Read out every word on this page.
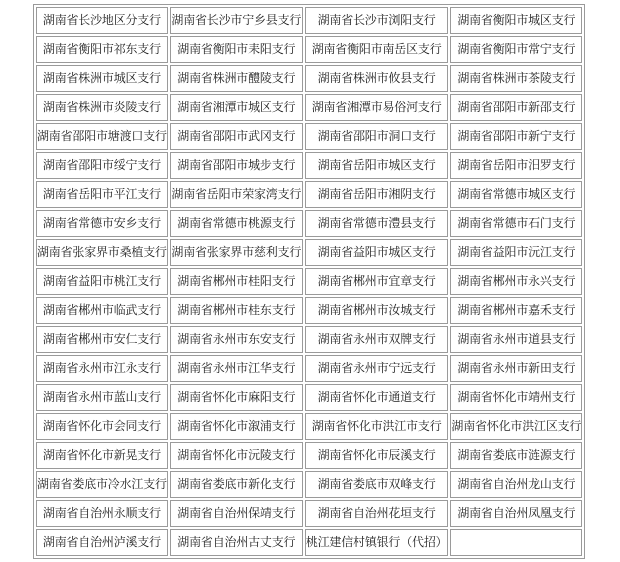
湖南省长沙地区分支行	湖南省长沙市宁乡县支行	湖南省长沙市浏阳支行	湖南省衡阳市城区支行
湖南省衡阳市祁东支行	湖南省衡阳市耒阳支行	湖南省衡阳市南岳区支行	湖南省衡阳市常宁支行
湖南省株洲市城区支行	湖南省株洲市醴陵支行	湖南省株洲市攸县支行	湖南省株洲市茶陵支行
湖南省株洲市炎陵支行	湖南省湘潭市城区支行	湖南省湘潭市易俗河支行	湖南省邵阳市新邵支行
湖南省邵阳市塘渡口支行	湖南省邵阳市武冈支行	湖南省邵阳市洞口支行	湖南省邵阳市新宁支行
湖南省邵阳市绥宁支行	湖南省邵阳市城步支行	湖南省岳阳市城区支行	湖南省岳阳市汨罗支行
湖南省岳阳市平江支行	湖南省岳阳市荣家湾支行	湖南省岳阳市湘阴支行	湖南省常德市城区支行
湖南省常德市安乡支行	湖南省常德市桃源支行	湖南省常德市澧县支行	湖南省常德市石门支行
湖南省张家界市桑植支行	湖南省张家界市慈利支行	湖南省益阳市城区支行	湖南省益阳市沅江支行
湖南省益阳市桃江支行	湖南省郴州市桂阳支行	湖南省郴州市宜章支行	湖南省郴州市永兴支行
湖南省郴州市临武支行	湖南省郴州市桂东支行	湖南省郴州市汝城支行	湖南省郴州市嘉禾支行
湖南省郴州市安仁支行	湖南省永州市东安支行	湖南省永州市双牌支行	湖南省永州市道县支行
湖南省永州市江永支行	湖南省永州市江华支行	湖南省永州市宁远支行	湖南省永州市新田支行
湖南省永州市蓝山支行	湖南省怀化市麻阳支行	湖南省怀化市通道支行	湖南省怀化市靖州支行
湖南省怀化市会同支行	湖南省怀化市溆浦支行	湖南省怀化市洪江市支行	湖南省怀化市洪江区支行
湖南省怀化市新晃支行	湖南省怀化市沅陵支行	湖南省怀化市辰溪支行	湖南省娄底市涟源支行
湖南省娄底市冷水江支行	湖南省娄底市新化支行	湖南省娄底市双峰支行	湖南省自治州龙山支行
湖南省自治州永顺支行	湖南省自治州保靖支行	湖南省自治州花垣支行	湖南省自治州凤凰支行
湖南省自治州泸溪支行	湖南省自治州古丈支行	桃江建信村镇银行（代招）	
